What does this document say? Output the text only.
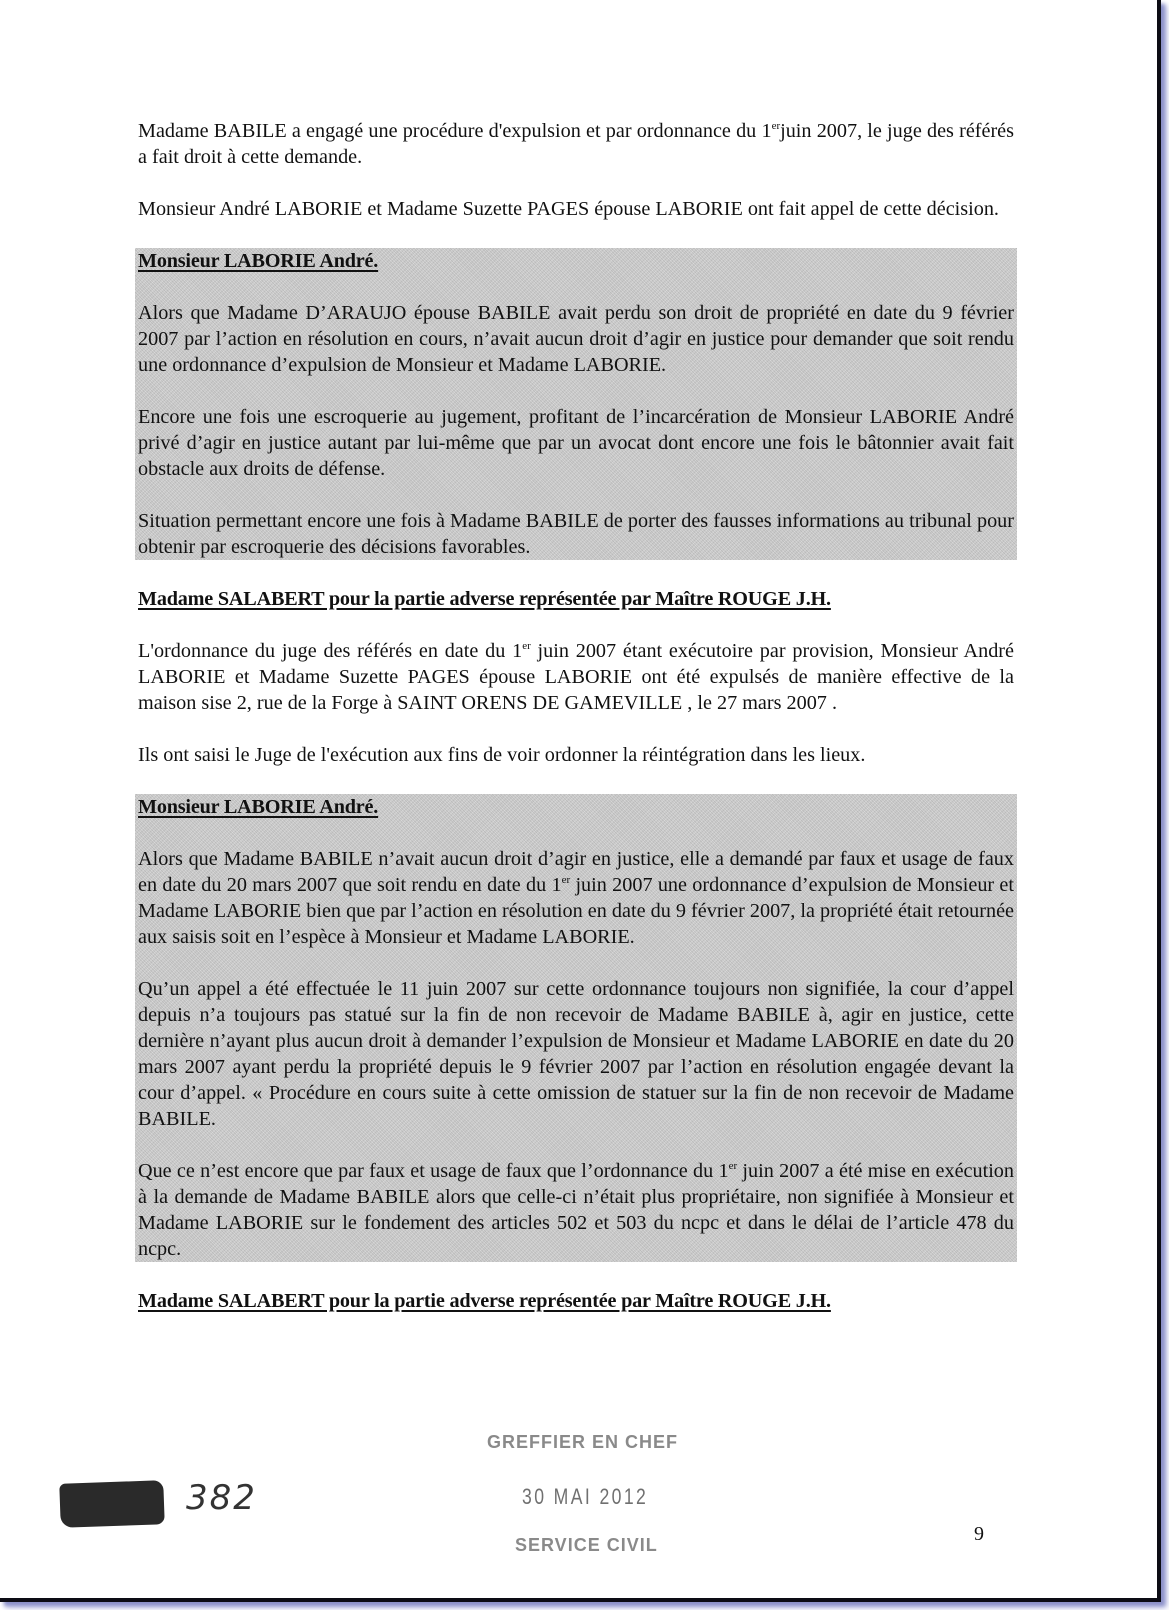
Madame BABILE a engagé une procédure d'expulsion et par ordonnance du 1erjuin 2007, le juge des référés a fait droit à cette demande.

Monsieur André LABORIE et Madame Suzette PAGES épouse LABORIE ont fait appel de cette décision.

Monsieur LABORIE André.

Alors que Madame D’ARAUJO épouse BABILE avait perdu son droit de propriété en date du 9 février 2007 par l’action en résolution en cours, n’avait aucun droit d’agir en justice pour demander que soit rendu une ordonnance d’expulsion de Monsieur et Madame LABORIE.

Encore une fois une escroquerie au jugement, profitant de l’incarcération de Monsieur LABORIE André privé d’agir en justice autant par lui-même que par un avocat dont encore une fois le bâtonnier avait fait obstacle aux droits de défense.

Situation permettant encore une fois à Madame BABILE de porter des fausses informations au tribunal pour obtenir par escroquerie des décisions favorables.

Madame SALABERT pour la partie adverse représentée par Maître ROUGE J.H.

L'ordonnance du juge des référés en date du 1er juin 2007 étant exécutoire par provision, Monsieur André LABORIE et Madame Suzette PAGES épouse LABORIE ont été expulsés de manière effective de la maison sise 2, rue de la Forge à SAINT ORENS DE GAMEVILLE , le 27 mars 2007 .

Ils ont saisi le Juge de l'exécution aux fins de voir ordonner la réintégration dans les lieux.

Monsieur LABORIE André.

Alors que Madame BABILE n’avait aucun droit d’agir en justice, elle a demandé par faux et usage de faux en date du 20 mars 2007 que soit rendu en date du 1er juin 2007 une ordonnance d’expulsion de Monsieur et Madame LABORIE bien que par l’action en résolution en date du 9 février 2007, la propriété était retournée aux saisis soit en l’espèce à Monsieur et Madame LABORIE.

Qu’un appel a été effectuée le 11 juin 2007 sur cette ordonnance toujours non signifiée, la cour d’appel depuis n’a toujours pas statué sur la fin de non recevoir de Madame BABILE à, agir en justice, cette dernière n’ayant plus aucun droit à demander l’expulsion de Monsieur et Madame LABORIE en date du 20 mars 2007 ayant perdu la propriété depuis le 9 février 2007 par l’action en résolution engagée devant la cour d’appel. « Procédure en cours suite à cette omission de statuer sur la fin de non recevoir de Madame BABILE.

Que ce n’est encore que par faux et usage de faux que l’ordonnance du 1er juin 2007 a été mise en exécution à la demande de Madame BABILE alors que celle-ci n’était plus propriétaire, non signifiée à Monsieur et Madame LABORIE sur le fondement des articles 502 et 503 du ncpc et dans le délai de l’article 478 du ncpc.

Madame SALABERT pour la partie adverse représentée par Maître ROUGE J.H.
GREFFIER EN CHEF
30 MAI 2012
SERVICE CIVIL
382
9
